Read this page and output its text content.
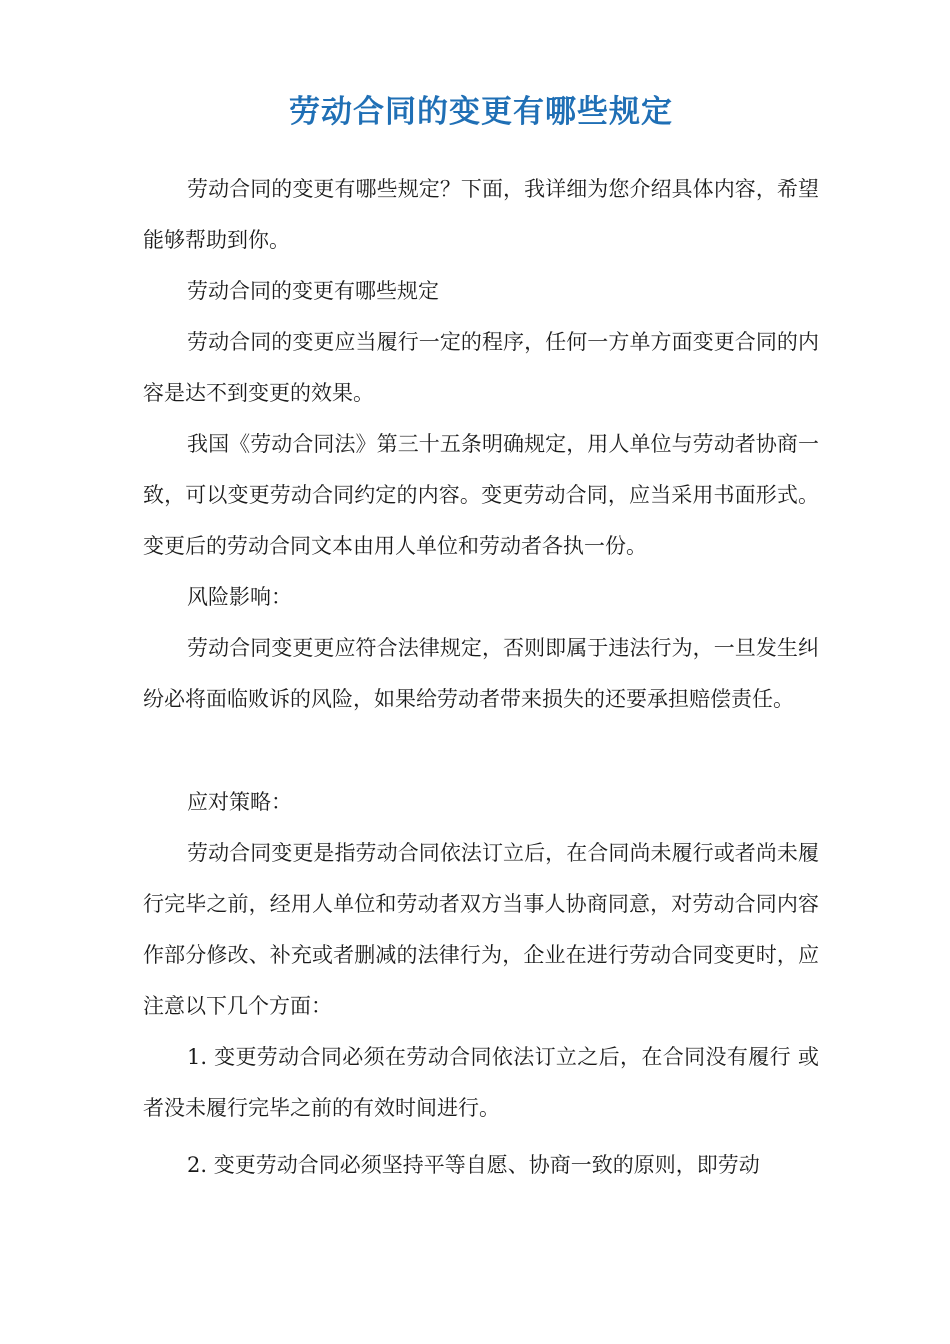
劳动合同的变更有哪些规定

劳动合同的变更有哪些规定？下面，我详细为您介绍具体内容，希望能够帮助到你。

劳动合同的变更有哪些规定

劳动合同的变更应当履行一定的程序，任何一方单方面变更合同的内容是达不到变更的效果。

我国《劳动合同法》第三十五条明确规定，用人单位与劳动者协商一致，可以变更劳动合同约定的内容。变更劳动合同，应当采用书面形式。变更后的劳动合同文本由用人单位和劳动者各执一份。

风险影响：

劳动合同变更更应符合法律规定，否则即属于违法行为，一旦发生纠纷必将面临败诉的风险，如果给劳动者带来损失的还要承担赔偿责任。

应对策略：

劳动合同变更是指劳动合同依法订立后，在合同尚未履行或者尚未履行完毕之前，经用人单位和劳动者双方当事人协商同意，对劳动合同内容作部分修改、补充或者删减的法律行为，企业在进行劳动合同变更时，应注意以下几个方面：

1. 变更劳动合同必须在劳动合同依法订立之后，在合同没有履行 或者没未履行完毕之前的有效时间进行。

2. 变更劳动合同必须坚持平等自愿、协商一致的原则，即劳动
